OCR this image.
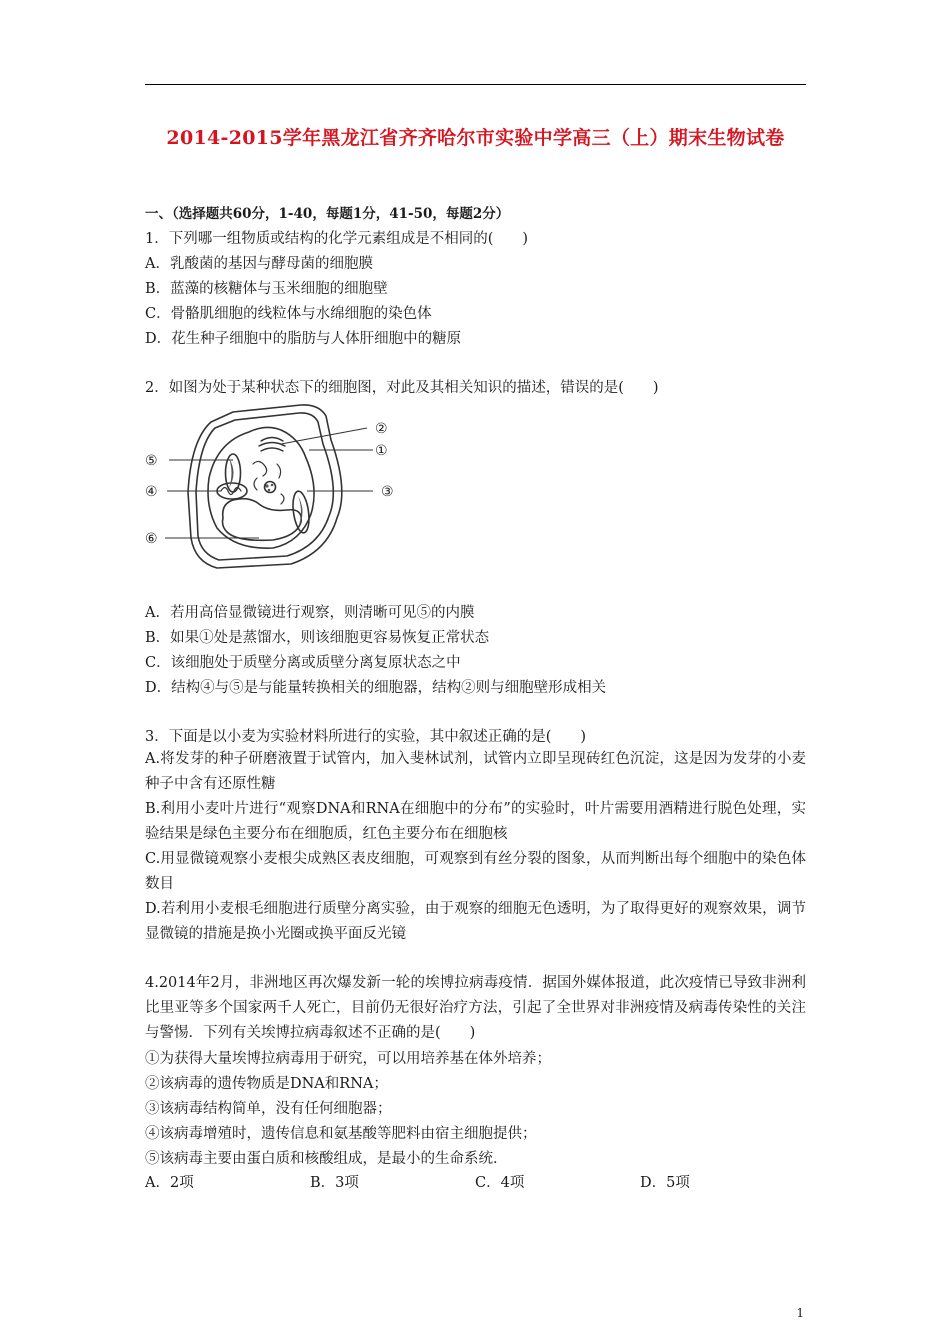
2014-2015学年黑龙江省齐齐哈尔市实验中学高三（上）期末生物试卷
一、（选择题共60分，1-40，每题1分，41-50，每题2分）
1．下列哪一组物质或结构的化学元素组成是不相同的(　　)
A．乳酸菌的基因与酵母菌的细胞膜
B．蓝藻的核糖体与玉米细胞的细胞壁
C．骨骼肌细胞的线粒体与水绵细胞的染色体
D．花生种子细胞中的脂肪与人体肝细胞中的糖原
2．如图为处于某种状态下的细胞图，对此及其相关知识的描述，错误的是(　　)
②
①
⑤
④	③
⑥
A．若用高倍显微镜进行观察，则清晰可见⑤的内膜
B．如果①处是蒸馏水，则该细胞更容易恢复正常状态
C．该细胞处于质壁分离或质壁分离复原状态之中
D．结构④与⑤是与能量转换相关的细胞器，结构②则与细胞壁形成相关
3．下面是以小麦为实验材料所进行的实验，其中叙述正确的是(　　)
A.将发芽的种子研磨液置于试管内，加入斐林试剂，试管内立即呈现砖红色沉淀，这是因为发芽的小麦种子中含有还原性糖
B.利用小麦叶片进行“观察DNA和RNA在细胞中的分布”的实验时，叶片需要用酒精进行脱色处理，实验结果是绿色主要分布在细胞质，红色主要分布在细胞核
C.用显微镜观察小麦根尖成熟区表皮细胞，可观察到有丝分裂的图象，从而判断出每个细胞中的染色体数目
D.若利用小麦根毛细胞进行质壁分离实验，由于观察的细胞无色透明，为了取得更好的观察效果，调节显微镜的措施是换小光圈或换平面反光镜
4.2014年2月，非洲地区再次爆发新一轮的埃博拉病毒疫情．据国外媒体报道，此次疫情已导致非洲利比里亚等多个国家两千人死亡，目前仍无很好治疗方法，引起了全世界对非洲疫情及病毒传染性的关注与警惕．下列有关埃博拉病毒叙述不正确的是(　　)
①为获得大量埃博拉病毒用于研究，可以用培养基在体外培养；
②该病毒的遗传物质是DNA和RNA；
③该病毒结构简单，没有任何细胞器；
④该病毒增殖时，遗传信息和氨基酸等肥料由宿主细胞提供；
⑤该病毒主要由蛋白质和核酸组成，是最小的生命系统．
A．2项	B．3项	C．4项	D．5项
1
